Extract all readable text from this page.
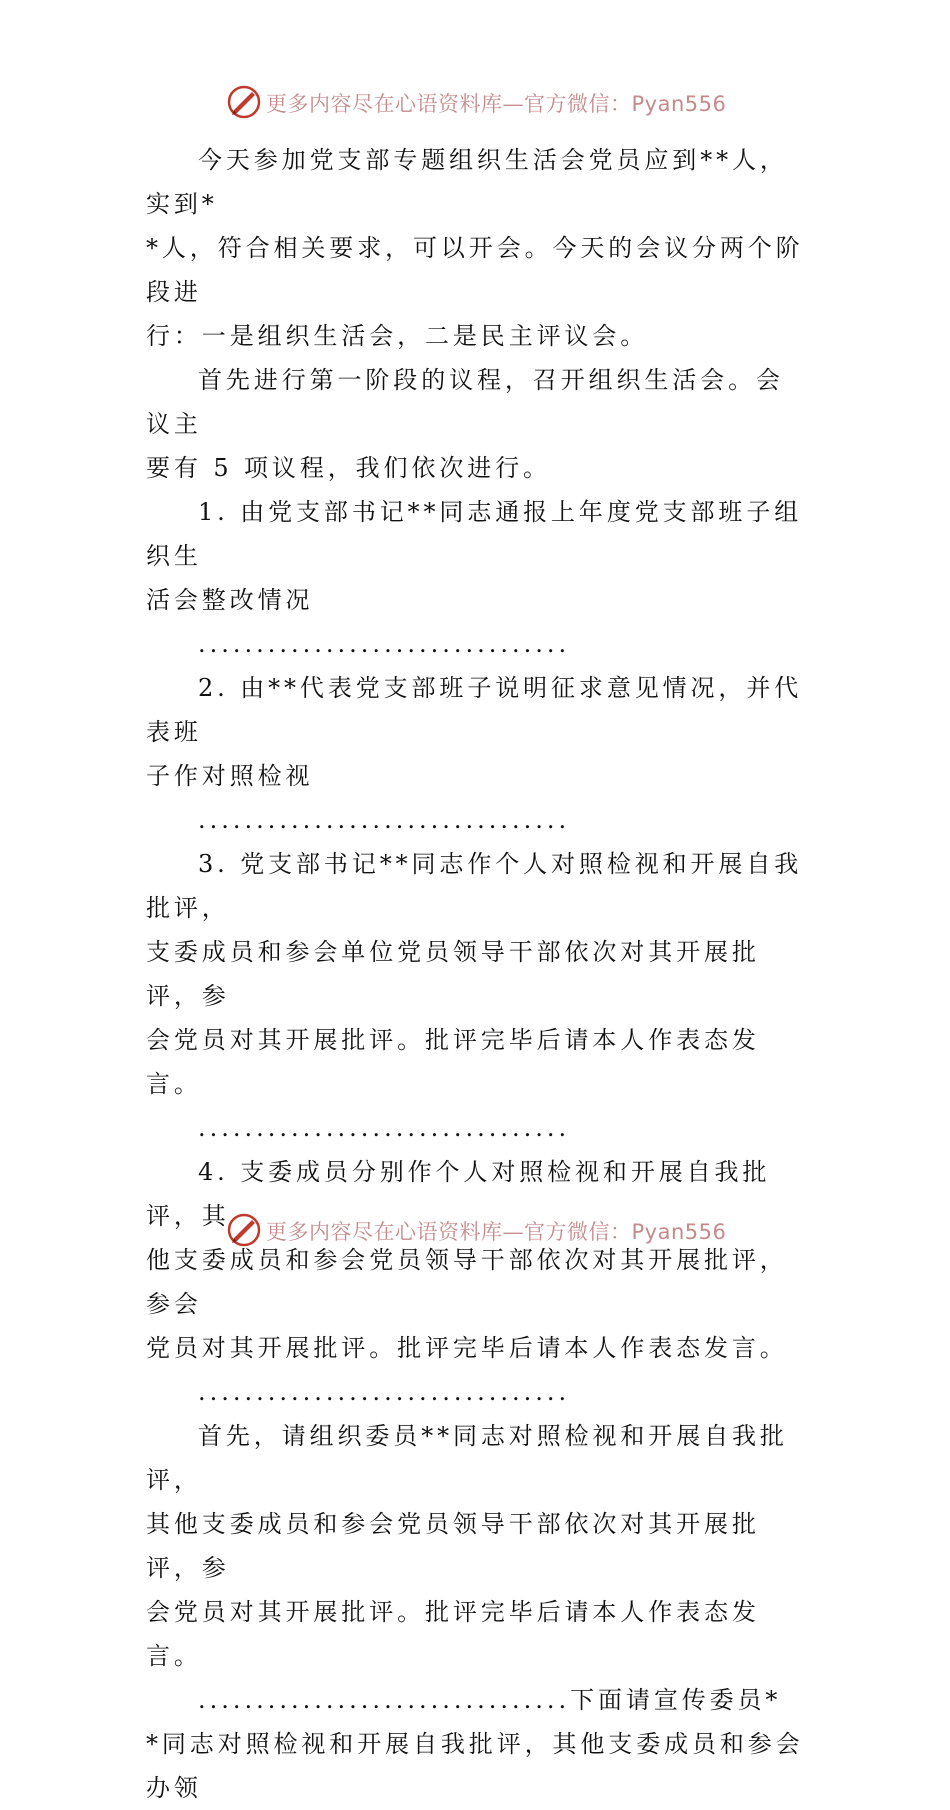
更多内容尽在心语资料库—官方微信：Pyan556

今天参加党支部专题组织生活会党员应到**人，实到*
*人，符合相关要求，可以开会。今天的会议分两个阶段进
行：一是组织生活会，二是民主评议会。

首先进行第一阶段的议程，召开组织生活会。会议主
要有 5 项议程，我们依次进行。

1. 由党支部书记**同志通报上年度党支部班子组织生
活会整改情况

................................

2. 由**代表党支部班子说明征求意见情况，并代表班
子作对照检视

................................

3. 党支部书记**同志作个人对照检视和开展自我批评，
支委成员和参会单位党员领导干部依次对其开展批评，参
会党员对其开展批评。批评完毕后请本人作表态发言。

................................

4. 支委成员分别作个人对照检视和开展自我批评，其
他支委成员和参会党员领导干部依次对其开展批评，参会
党员对其开展批评。批评完毕后请本人作表态发言。

................................

首先，请组织委员**同志对照检视和开展自我批评，
其他支委成员和参会党员领导干部依次对其开展批评，参
会党员对其开展批评。批评完毕后请本人作表态发言。

................................下面请宣传委员*

*同志对照检视和开展自我批评，其他支委成员和参会办领

更多内容尽在心语资料库—官方微信：Pyan556
